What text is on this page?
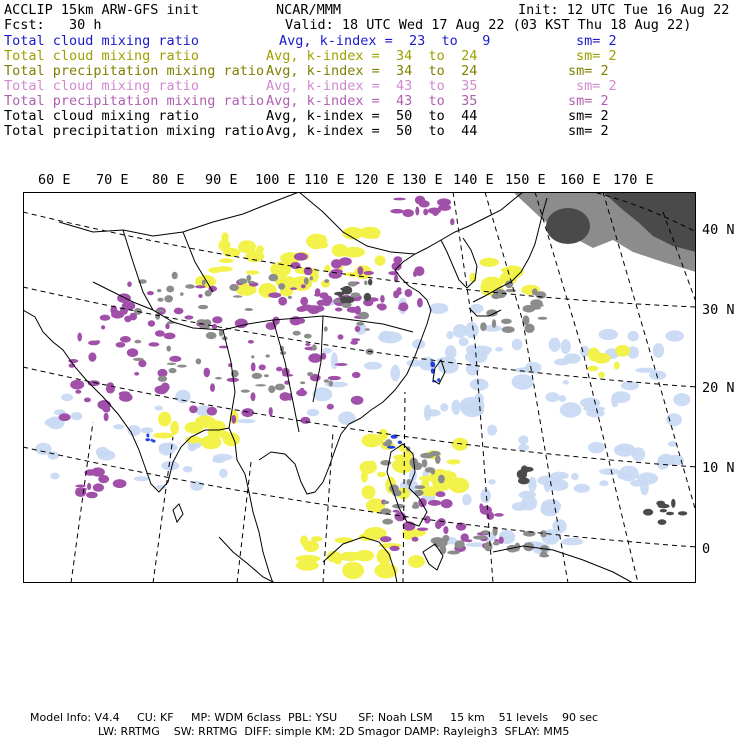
ACCLIP 15km ARW-GFS init	NCAR/MMM	Init: 12 UTC Tue 16 Aug 22
Fcst:   30 h	Valid: 18 UTC Wed 17 Aug 22 (03 KST Thu 18 Aug 22)
Total cloud mixing ratio	Avg, k-index =  23  to   9	sm= 2
Total cloud mixing ratio	Avg, k-index =  34  to  24	sm= 2
Total precipitation mixing ratio Avg, k-index =  34  to  24	sm= 2
Total cloud mixing ratio	Avg, k-index =  43  to  35	sm= 2
Total precipitation mixing ratio Avg, k-index =  43  to  35	sm= 2
Total cloud mixing ratio	Avg, k-index =  50  to  44	sm= 2
Total precipitation mixing ratio Avg, k-index =  50  to  44	sm= 2
60 E 70 E 80 E 90 E 100 E 110 E 120 E 130 E 140 E 150 E 160 E 170 E
40 N
30 N
20 N
10 N
0
Model Info: V4.4     CU: KF     MP: WDM 6class  PBL: YSU      SF: Noah LSM     15 km    51 levels    90 sec
LW: RRTMG    SW: RRTMG  DIFF: simple KM: 2D Smagor DAMP: Rayleigh3  SFLAY: MM5
